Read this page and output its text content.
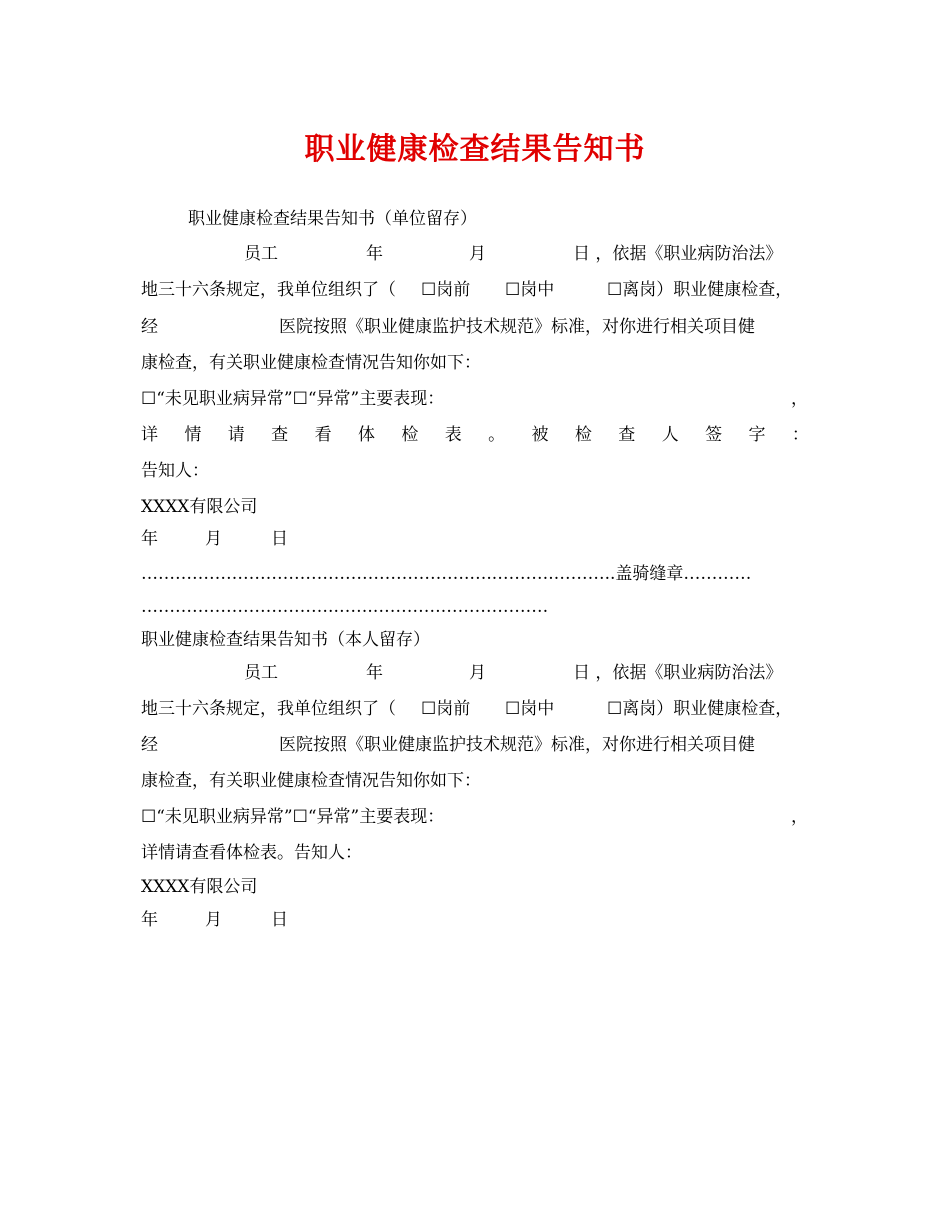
职业健康检查结果告知书
职业健康检查结果告知书（单位留存）
员工	年	月	日 ，依据《职业病防治法》
地三十六条规定，我单位组织了（ ☐岗前 ☐岗中	☐离岗）职业健康检查，
经	医院按照《职业健康监护技术规范》标准，对你进行相关项目健
康检查，有关职业健康检查情况告知你如下：
☐“未见职业病异常”☐“异常”主要表现：	，
详 情 请 查 看 体 检 表 。 被 检 查 人 签 字 ：
告知人：
XXXX有限公司
年	月	日
………………………………………………….…..……….………..盖骑缝章…………
…………………………….…….………….………………
职业健康检查结果告知书（本人留存）
员工	年	月	日 ，依据《职业病防治法》
地三十六条规定，我单位组织了（ ☐岗前 ☐岗中	☐离岗）职业健康检查，
经	医院按照《职业健康监护技术规范》标准，对你进行相关项目健
康检查，有关职业健康检查情况告知你如下：
☐“未见职业病异常”☐“异常”主要表现：	，
详情请查看体检表。告知人：
XXXX有限公司
年	月	日
